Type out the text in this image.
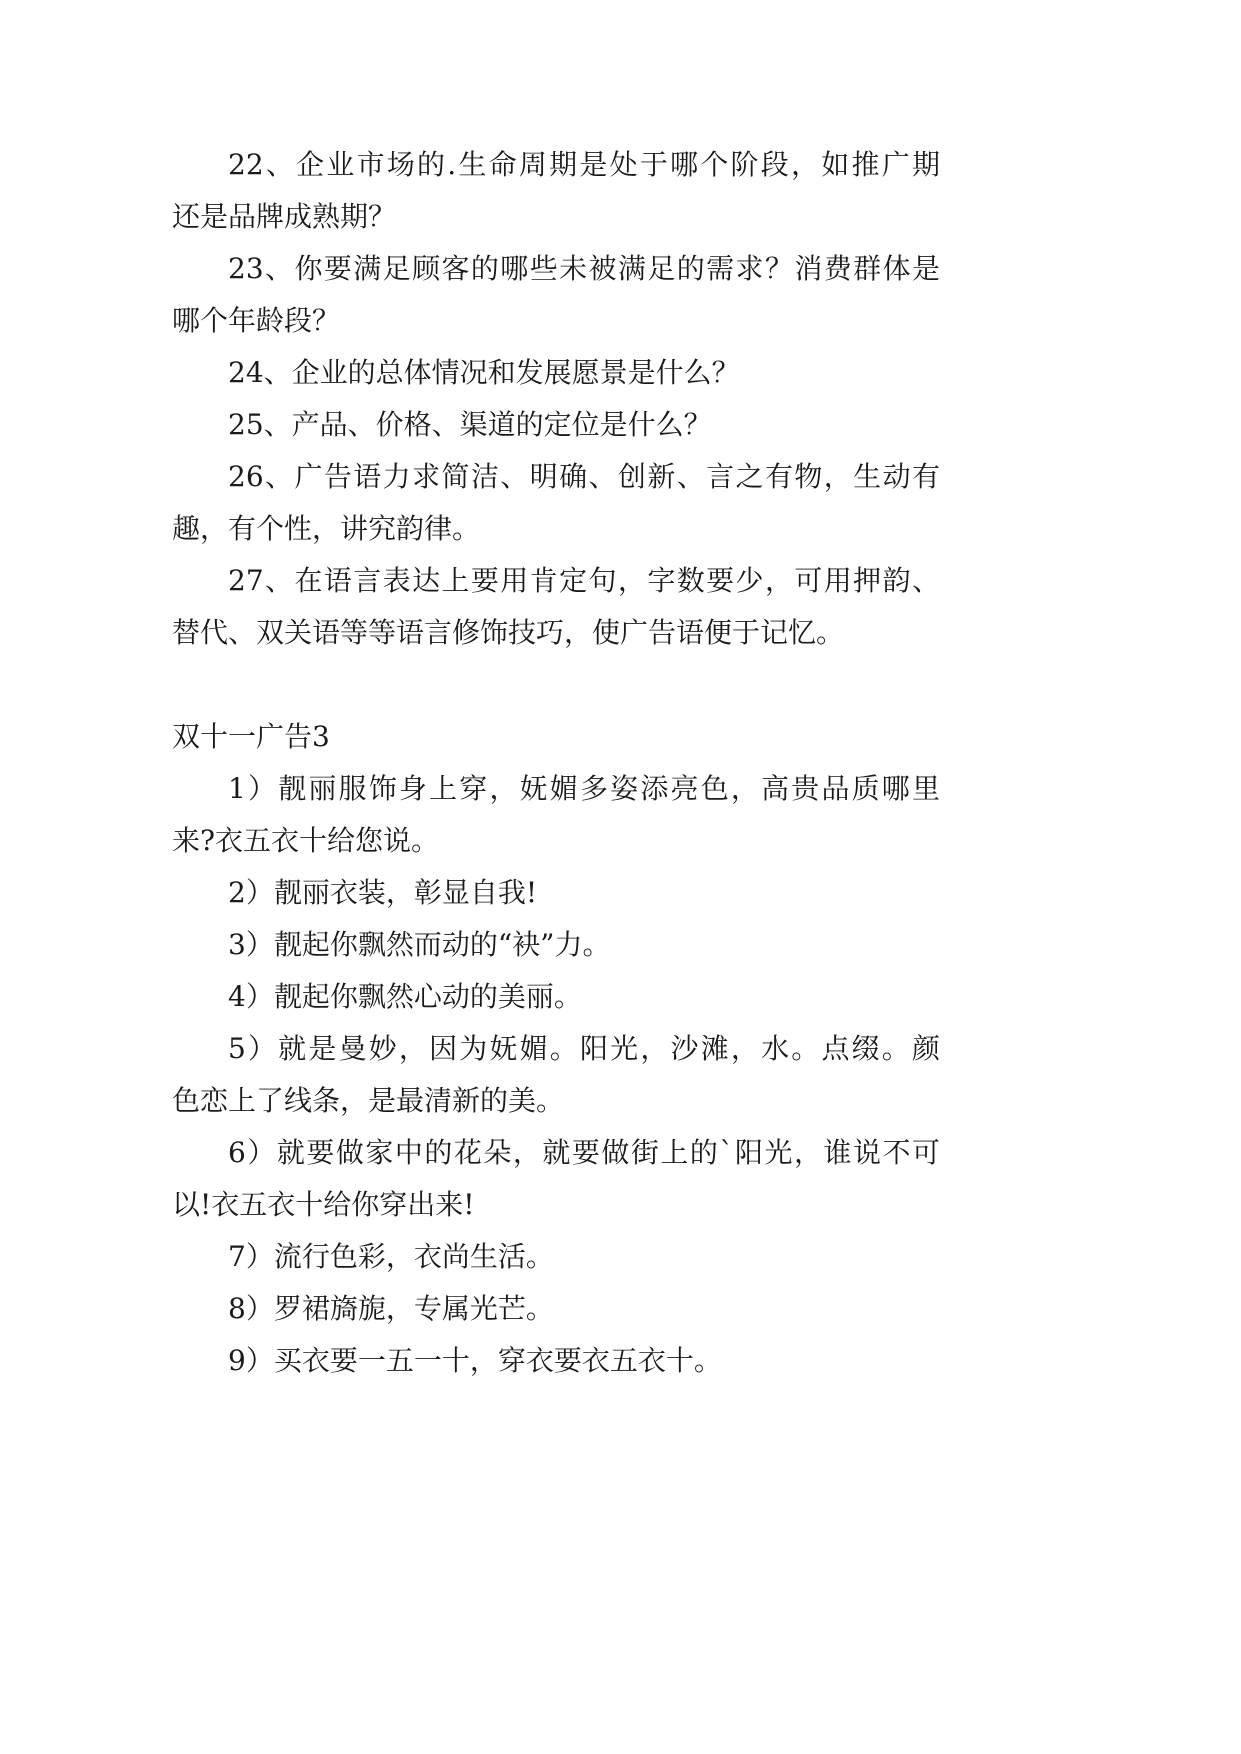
22、企业市场的.生命周期是处于哪个阶段，如推广期
还是品牌成熟期？
23、你要满足顾客的哪些未被满足的需求？消费群体是
哪个年龄段？
24、企业的总体情况和发展愿景是什么？
25、产品、价格、渠道的定位是什么？
26、广告语力求简洁、明确、创新、言之有物，生动有
趣，有个性，讲究韵律。
27、在语言表达上要用肯定句，字数要少，可用押韵、
替代、双关语等等语言修饰技巧，使广告语便于记忆。
双十一广告3
1）靓丽服饰身上穿，妩媚多姿添亮色，高贵品质哪里
来?衣五衣十给您说。
2）靓丽衣装，彰显自我!
3）靓起你飘然而动的“袂”力。
4）靓起你飘然心动的美丽。
5）就是曼妙，因为妩媚。阳光，沙滩，水。点缀。颜
色恋上了线条，是最清新的美。
6）就要做家中的花朵，就要做街上的`阳光，谁说不可
以!衣五衣十给你穿出来!
7）流行色彩，衣尚生活。
8）罗裙旖旎，专属光芒。
9）买衣要一五一十，穿衣要衣五衣十。
